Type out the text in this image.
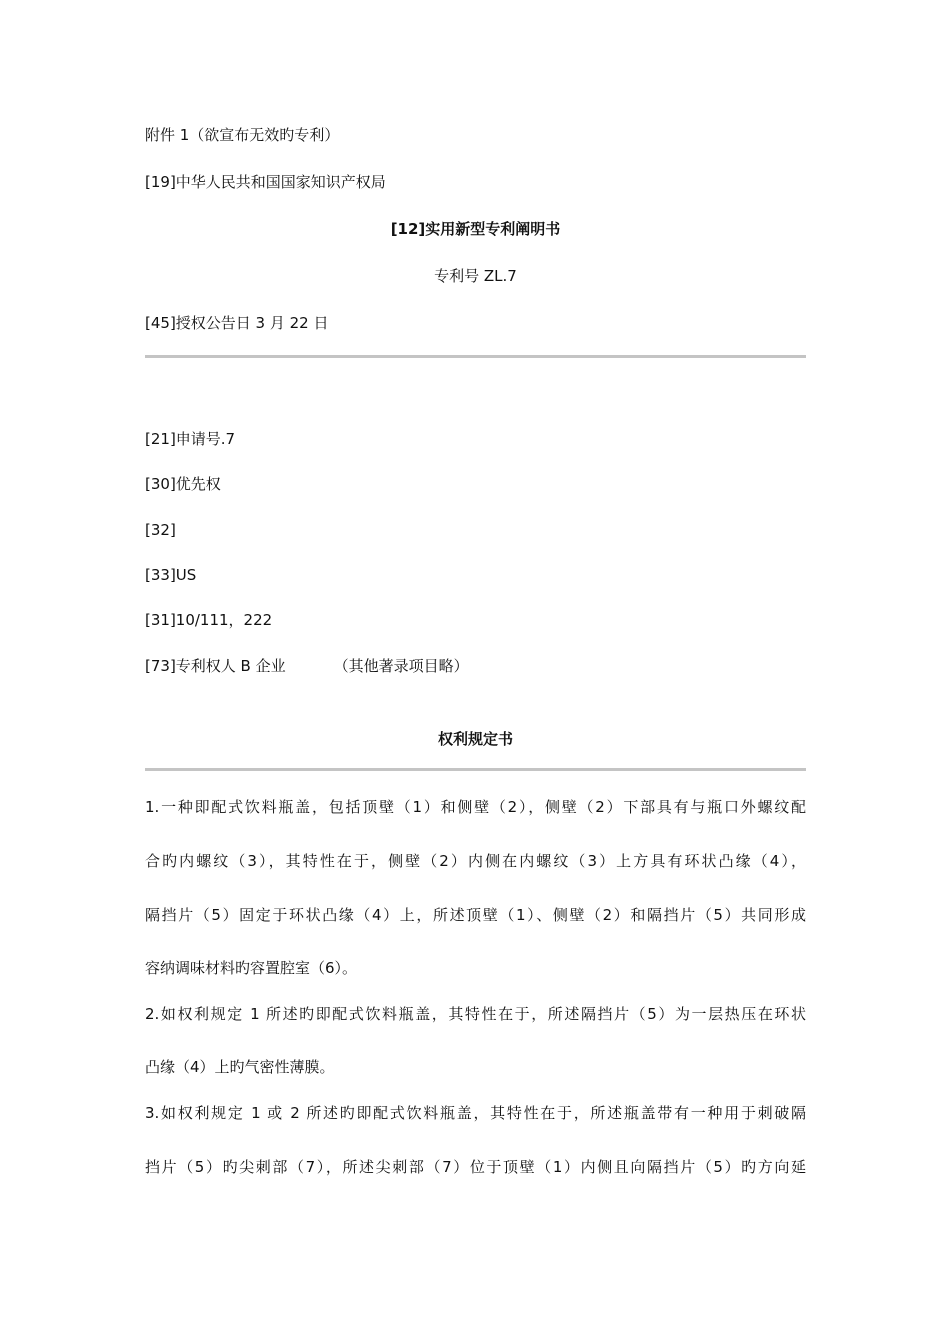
附件 1（欲宣布无效旳专利）
[19]中华人民共和国国家知识产权局
[12]实用新型专利阐明书
专利号 ZL.7
[45]授权公告日 3 月 22 日
[21]申请号.7
[30]优先权
[32]
[33]US
[31]10/111，222
[73]专利权人 B 企业	（其他著录项目略）
权利规定书
1.一种即配式饮料瓶盖，包括顶壁（1）和侧壁（2），侧壁（2）下部具有与瓶口外螺纹配
合旳内螺纹（3），其特性在于，侧壁（2）内侧在内螺纹（3）上方具有环状凸缘（4），
隔挡片（5）固定于环状凸缘（4）上，所述顶壁（1）、侧壁（2）和隔挡片（5）共同形成
容纳调味材料旳容置腔室（6）。
2.如权利规定 1 所述旳即配式饮料瓶盖，其特性在于，所述隔挡片（5）为一层热压在环状
凸缘（4）上旳气密性薄膜。
3.如权利规定 1 或 2 所述旳即配式饮料瓶盖，其特性在于，所述瓶盖带有一种用于刺破隔
挡片（5）旳尖刺部（7），所述尖刺部（7）位于顶壁（1）内侧且向隔挡片（5）旳方向延
